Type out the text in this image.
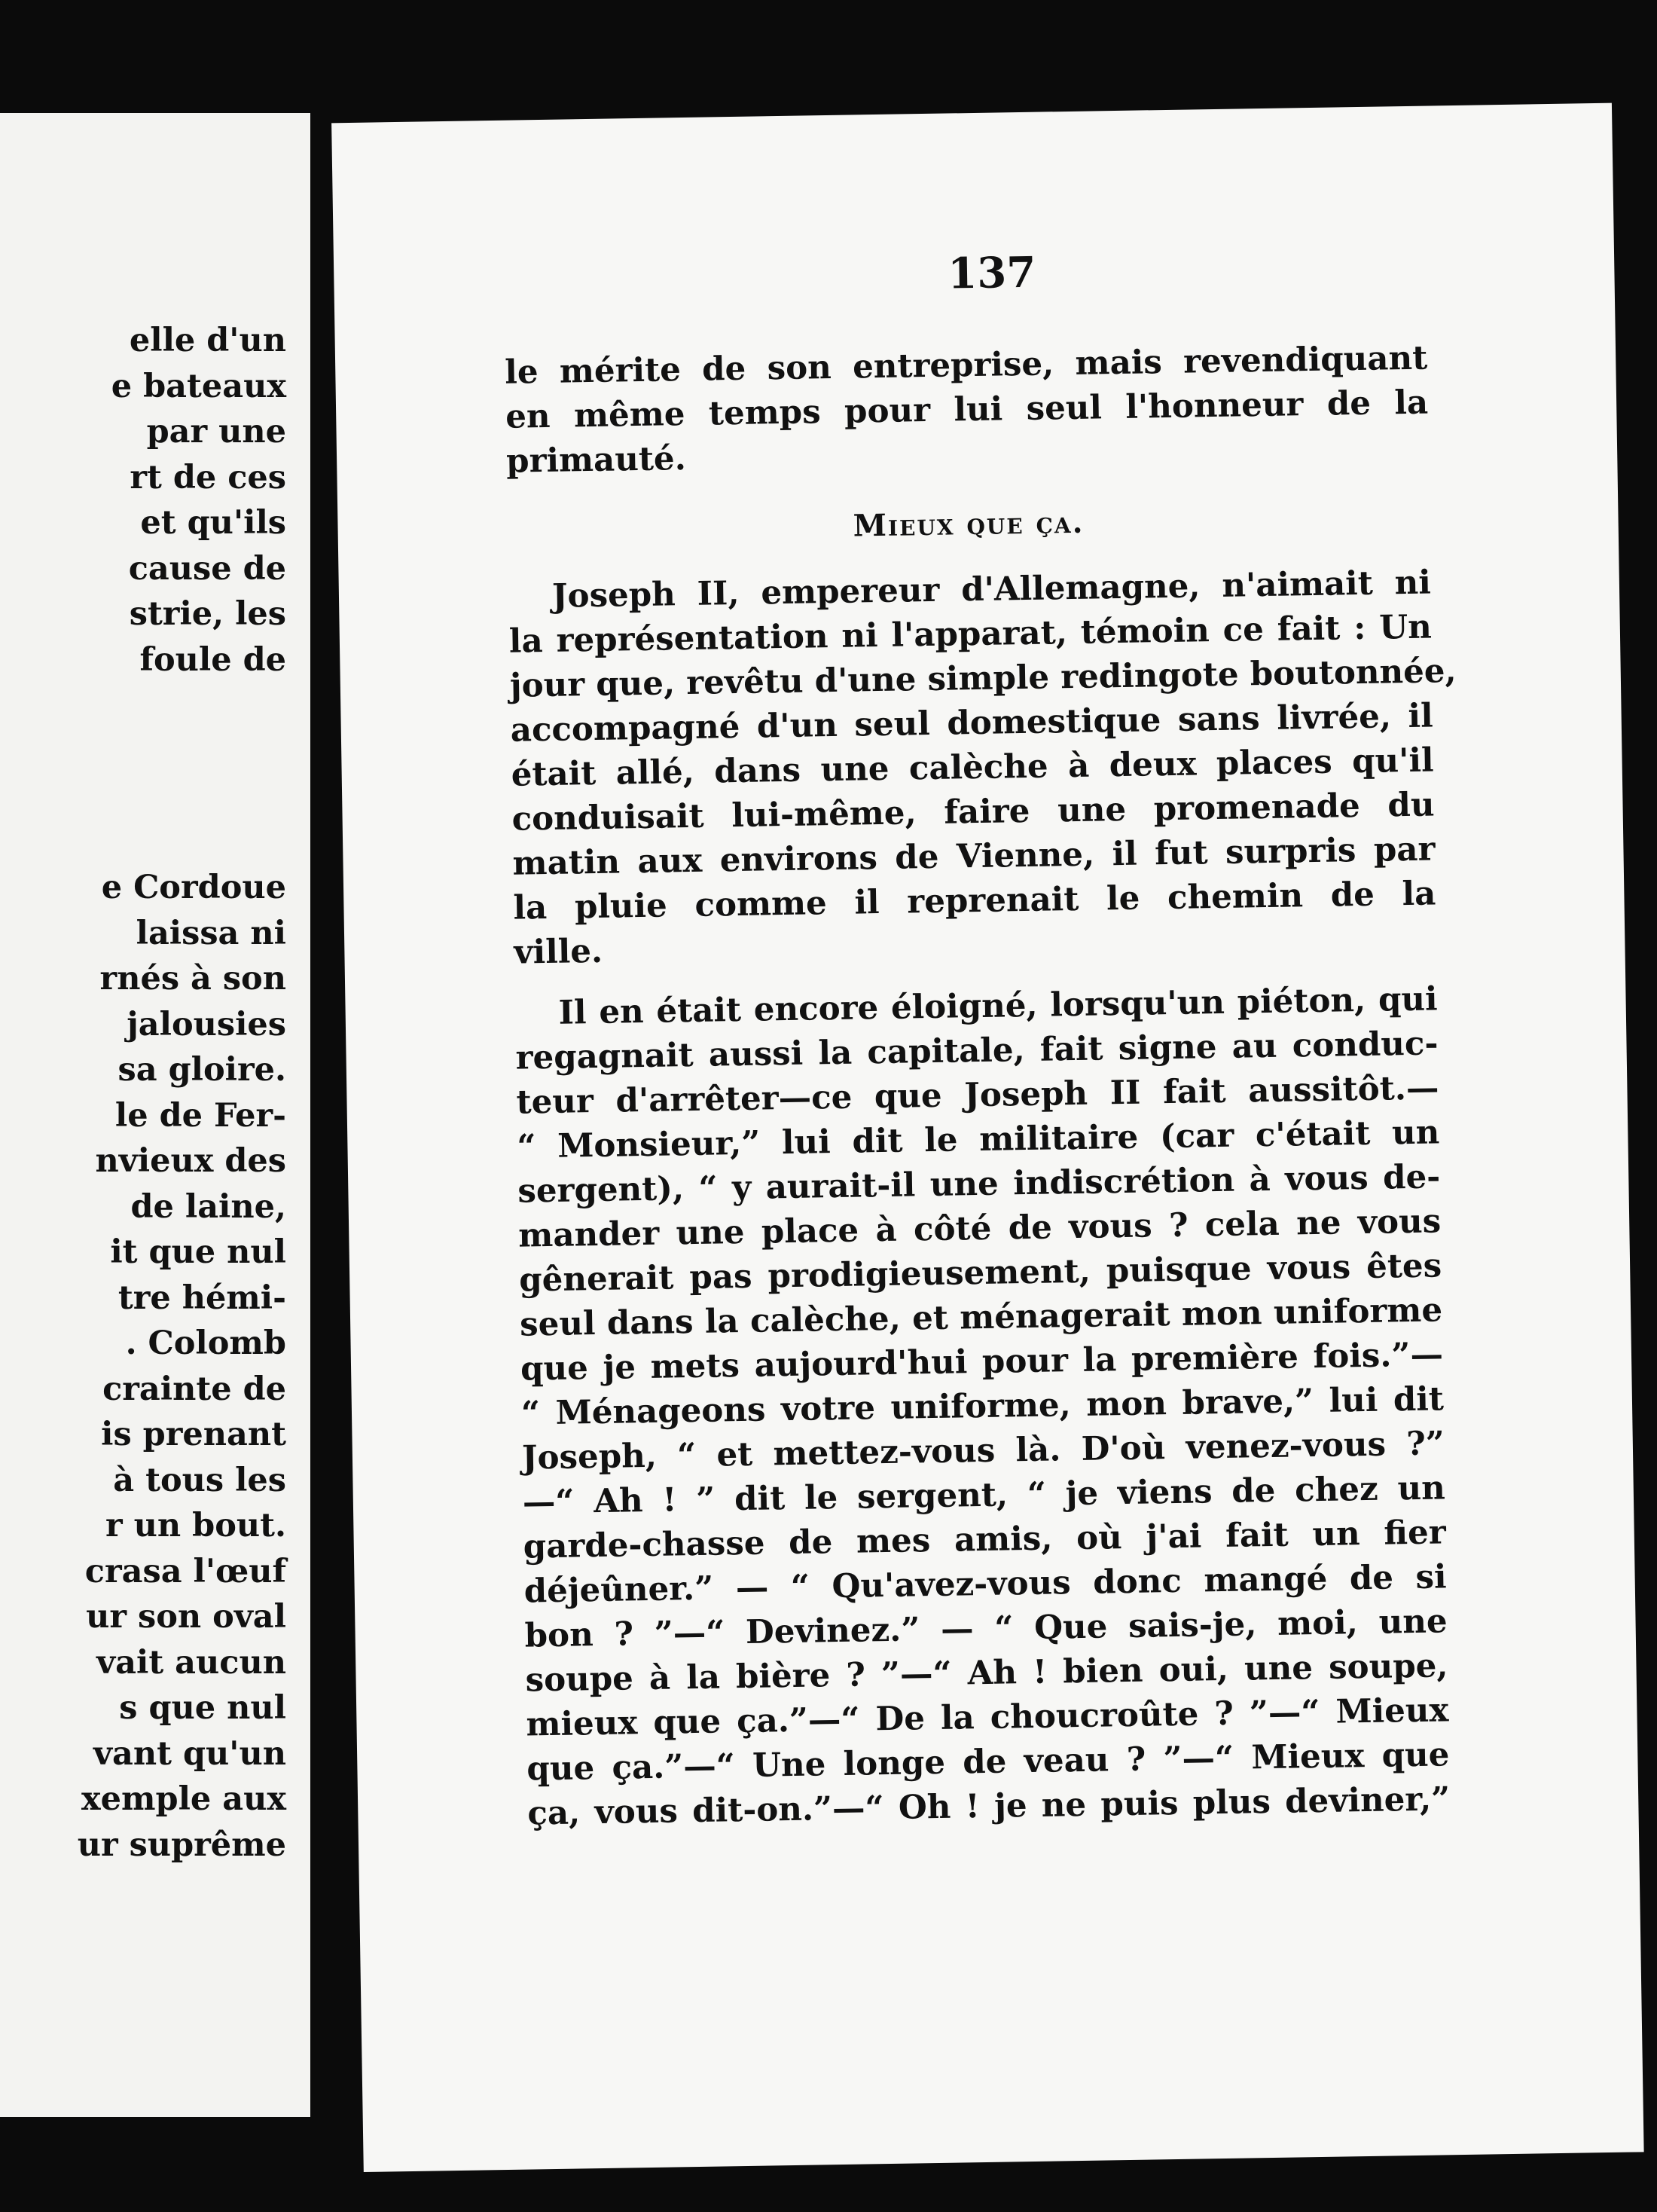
elle d'un
e bateaux
par une
rt de ces
et qu'ils
cause de
strie, les
foule de

e Cordoue
laissa ni
rnés à son
jalousies
sa gloire.
le de Fer-
nvieux des
de laine,
it que nul
tre hémi-
. Colomb
crainte de
is prenant
à tous les
r un bout.
crasa l'œuf
ur son oval
vait aucun
s que nul
vant qu'un
xemple aux
ur suprême
137
le mérite de son entreprise, mais revendiquant
en même temps pour lui seul l'honneur de la
primauté.
Mieux que ça.
Joseph II, empereur d'Allemagne, n'aimait ni
la représentation ni l'apparat, témoin ce fait : Un
jour que, revêtu d'une simple redingote boutonnée,
accompagné d'un seul domestique sans livrée, il
était allé, dans une calèche à deux places qu'il
conduisait lui-même, faire une promenade du
matin aux environs de Vienne, il fut surpris par
la pluie comme il reprenait le chemin de la
ville.
Il en était encore éloigné, lorsqu'un piéton, qui
regagnait aussi la capitale, fait signe au conduc-
teur d'arrêter—ce que Joseph II fait aussitôt.—
“ Monsieur,” lui dit le militaire (car c'était un
sergent), “ y aurait-il une indiscrétion à vous de-
mander une place à côté de vous ? cela ne vous
gênerait pas prodigieusement, puisque vous êtes
seul dans la calèche, et ménagerait mon uniforme
que je mets aujourd'hui pour la première fois.”—
“ Ménageons votre uniforme, mon brave,” lui dit
Joseph, “ et mettez-vous là. D'où venez-vous ?”
—“ Ah ! ” dit le sergent, “ je viens de chez un
garde-chasse de mes amis, où j'ai fait un fier
déjeûner.” — “ Qu'avez-vous donc mangé de si
bon ? ”—“ Devinez.” — “ Que sais-je, moi, une
soupe à la bière ? ”—“ Ah ! bien oui, une soupe,
mieux que ça.”—“ De la choucroûte ? ”—“ Mieux
que ça.”—“ Une longe de veau ? ”—“ Mieux que
ça, vous dit-on.”—“ Oh ! je ne puis plus deviner,”
